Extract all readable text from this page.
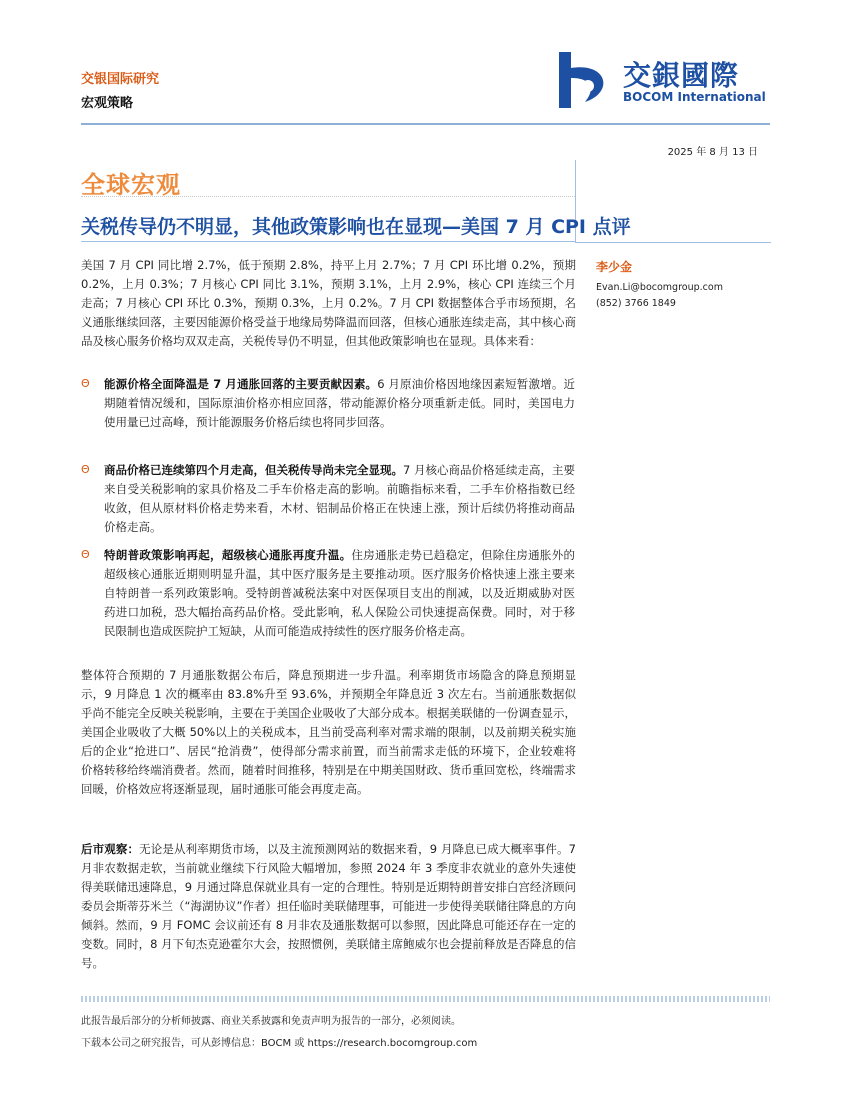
交银国际研究
宏观策略
交銀國際
BOCOM International
2025 年 8 月 13 日
全球宏观
关税传导仍不明显，其他政策影响也在显现—美国 7 月 CPI 点评
李少金
Evan.Li@bocomgroup.com
(852) 3766 1849
美国 7 月 CPI 同比增 2.7%，低于预期 2.8%，持平上月 2.7%；7 月 CPI 环比增 0.2%，预期 0.2%，上月 0.3%；7 月核心 CPI 同比 3.1%，预期 3.1%，上月 2.9%，核心 CPI 连续三个月走高；7 月核心 CPI 环比 0.3%，预期 0.3%，上月 0.2%。7 月 CPI 数据整体合乎市场预期，名义通胀继续回落，主要因能源价格受益于地缘局势降温而回落，但核心通胀连续走高，其中核心商品及核心服务价格均双双走高，关税传导仍不明显，但其他政策影响也在显现。具体来看：
Θ 能源价格全面降温是 7 月通胀回落的主要贡献因素。6 月原油价格因地缘因素短暂激增。近期随着情况缓和，国际原油价格亦相应回落，带动能源价格分项重新走低。同时，美国电力使用量已过高峰，预计能源服务价格后续也将同步回落。
Θ 商品价格已连续第四个月走高，但关税传导尚未完全显现。7 月核心商品价格延续走高，主要来自受关税影响的家具价格及二手车价格走高的影响。前瞻指标来看，二手车价格指数已经收敛，但从原材料价格走势来看，木材、铝制品价格正在快速上涨，预计后续仍将推动商品价格走高。
Θ 特朗普政策影响再起，超级核心通胀再度升温。住房通胀走势已趋稳定，但除住房通胀外的超级核心通胀近期则明显升温，其中医疗服务是主要推动项。医疗服务价格快速上涨主要来自特朗普一系列政策影响。受特朗普减税法案中对医保项目支出的削减，以及近期威胁对医药进口加税，恐大幅抬高药品价格。受此影响，私人保险公司快速提高保费。同时，对于移民限制也造成医院护工短缺，从而可能造成持续性的医疗服务价格走高。
整体符合预期的 7 月通胀数据公布后，降息预期进一步升温。利率期货市场隐含的降息预期显示，9 月降息 1 次的概率由 83.8%升至 93.6%，并预期全年降息近 3 次左右。当前通胀数据似乎尚不能完全反映关税影响，主要在于美国企业吸收了大部分成本。根据美联储的一份调查显示，美国企业吸收了大概 50%以上的关税成本，且当前受高利率对需求端的限制，以及前期关税实施后的企业“抢进口”、居民“抢消费”，使得部分需求前置，而当前需求走低的环境下，企业较难将价格转移给终端消费者。然而，随着时间推移，特别是在中期美国财政、货币重回宽松，终端需求回暖，价格效应将逐渐显现，届时通胀可能会再度走高。
后市观察：无论是从利率期货市场，以及主流预测网站的数据来看，9 月降息已成大概率事件。7 月非农数据走软，当前就业继续下行风险大幅增加，参照 2024 年 3 季度非农就业的意外失速使得美联储迅速降息，9 月通过降息保就业具有一定的合理性。特别是近期特朗普安排白宫经济顾问委员会斯蒂芬米兰（“海湖协议”作者）担任临时美联储理事，可能进一步使得美联储往降息的方向倾斜。然而，9 月 FOMC 会议前还有 8 月非农及通胀数据可以参照，因此降息可能还存在一定的变数。同时，8 月下旬杰克逊霍尔大会，按照惯例，美联储主席鲍威尔也会提前释放是否降息的信号。
此报告最后部分的分析师披露、商业关系披露和免责声明为报告的一部分，必须阅读。
下载本公司之研究报告，可从彭博信息：BOCM 或 https://research.bocomgroup.com
